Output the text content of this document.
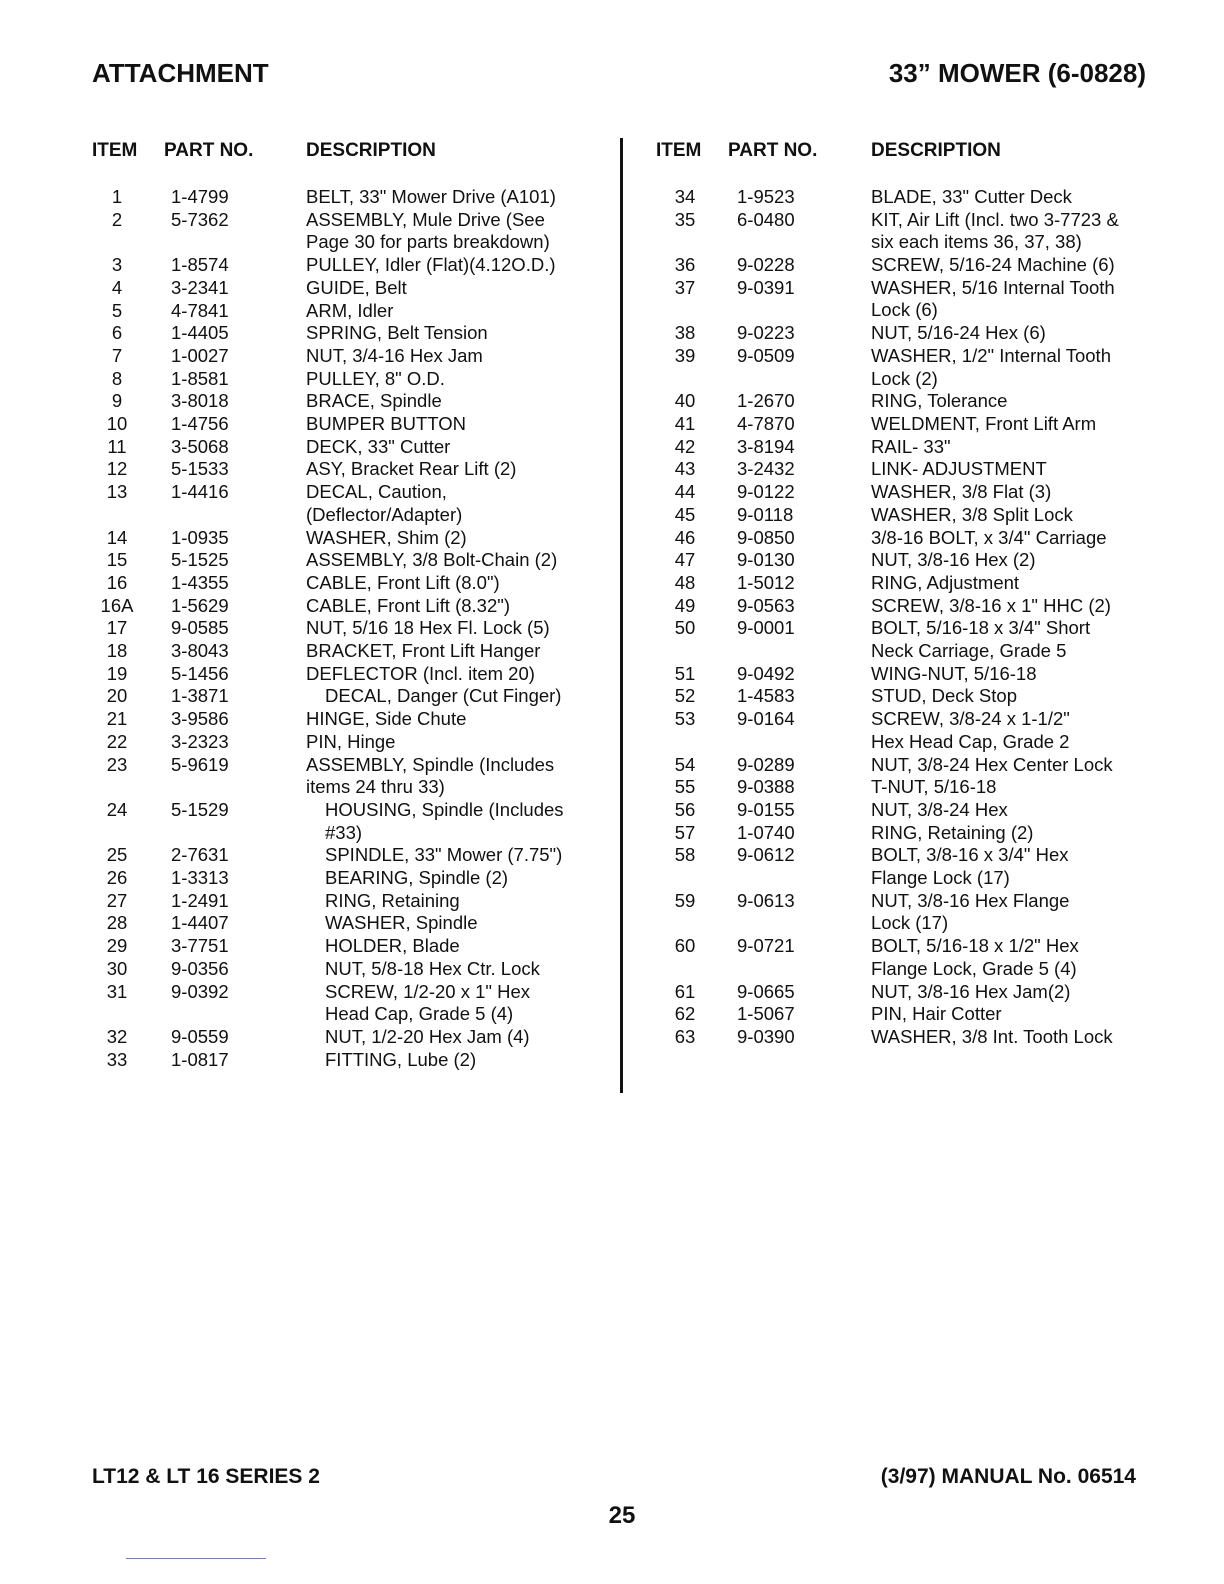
ATTACHMENT	33” MOWER (6-0828)
ITEM PART NO.	DESCRIPTION	ITEM PART NO.	DESCRIPTION
1	1-4799	BELT, 33" Mower Drive (A101)
2	5-7362	ASSEMBLY, Mule Drive (See
Page 30 for parts breakdown)
3	1-8574	PULLEY, Idler (Flat)(4.12O.D.)
4	3-2341	GUIDE, Belt
5	4-7841	ARM, Idler
6	1-4405	SPRING, Belt Tension
7	1-0027	NUT, 3/4-16 Hex Jam
8	1-8581	PULLEY, 8" O.D.
9	3-8018	BRACE, Spindle
10	1-4756	BUMPER BUTTON
11	3-5068	DECK, 33" Cutter
12	5-1533	ASY, Bracket Rear Lift (2)
13	1-4416	DECAL, Caution,
(Deflector/Adapter)
14	1-0935	WASHER, Shim (2)
15	5-1525	ASSEMBLY, 3/8 Bolt-Chain (2)
16	1-4355	CABLE, Front Lift (8.0")
16A	1-5629	CABLE, Front Lift (8.32")
17	9-0585	NUT, 5/16 18 Hex Fl. Lock (5)
18	3-8043	BRACKET, Front Lift Hanger
19	5-1456	DEFLECTOR (Incl. item 20)
20	1-3871	DECAL, Danger (Cut Finger)
21	3-9586	HINGE, Side Chute
22	3-2323	PIN, Hinge
23	5-9619	ASSEMBLY, Spindle (Includes
items 24 thru 33)
24	5-1529	HOUSING, Spindle (Includes
#33)
25	2-7631	SPINDLE, 33" Mower (7.75")
26	1-3313	BEARING, Spindle (2)
27	1-2491	RING, Retaining
28	1-4407	WASHER, Spindle
29	3-7751	HOLDER, Blade
30	9-0356	NUT, 5/8-18 Hex Ctr. Lock
31	9-0392	SCREW, 1/2-20 x 1" Hex
Head Cap, Grade 5 (4)
32	9-0559	NUT, 1/2-20 Hex Jam (4)
33	1-0817	FITTING, Lube (2)
34	1-9523	BLADE, 33" Cutter Deck
35	6-0480	KIT, Air Lift (Incl. two 3-7723 &
six each items 36, 37, 38)
36	9-0228	SCREW, 5/16-24 Machine (6)
37	9-0391	WASHER, 5/16 Internal Tooth
Lock (6)
38	9-0223	NUT, 5/16-24 Hex (6)
39	9-0509	WASHER, 1/2" Internal Tooth
Lock (2)
40	1-2670	RING, Tolerance
41	4-7870	WELDMENT, Front Lift Arm
42	3-8194	RAIL- 33"
43	3-2432	LINK- ADJUSTMENT
44	9-0122	WASHER, 3/8 Flat (3)
45	9-0118	WASHER, 3/8 Split Lock
46	9-0850	3/8-16 BOLT, x 3/4" Carriage
47	9-0130	NUT, 3/8-16 Hex (2)
48	1-5012	RING, Adjustment
49	9-0563	SCREW, 3/8-16 x 1" HHC (2)
50	9-0001	BOLT, 5/16-18 x 3/4" Short
Neck Carriage, Grade 5
51	9-0492	WING-NUT, 5/16-18
52	1-4583	STUD, Deck Stop
53	9-0164	SCREW, 3/8-24 x 1-1/2"
Hex Head Cap, Grade 2
54	9-0289	NUT, 3/8-24 Hex Center Lock
55	9-0388	T-NUT, 5/16-18
56	9-0155	NUT, 3/8-24 Hex
57	1-0740	RING, Retaining (2)
58	9-0612	BOLT, 3/8-16 x 3/4" Hex
Flange Lock (17)
59	9-0613	NUT, 3/8-16 Hex Flange
Lock (17)
60	9-0721	BOLT, 5/16-18 x 1/2" Hex
Flange Lock, Grade 5 (4)
61	9-0665	NUT, 3/8-16 Hex Jam(2)
62	1-5067	PIN, Hair Cotter
63	9-0390	WASHER, 3/8 Int. Tooth Lock
LT12 & LT 16 SERIES 2	(3/97) MANUAL No. 06514
25
